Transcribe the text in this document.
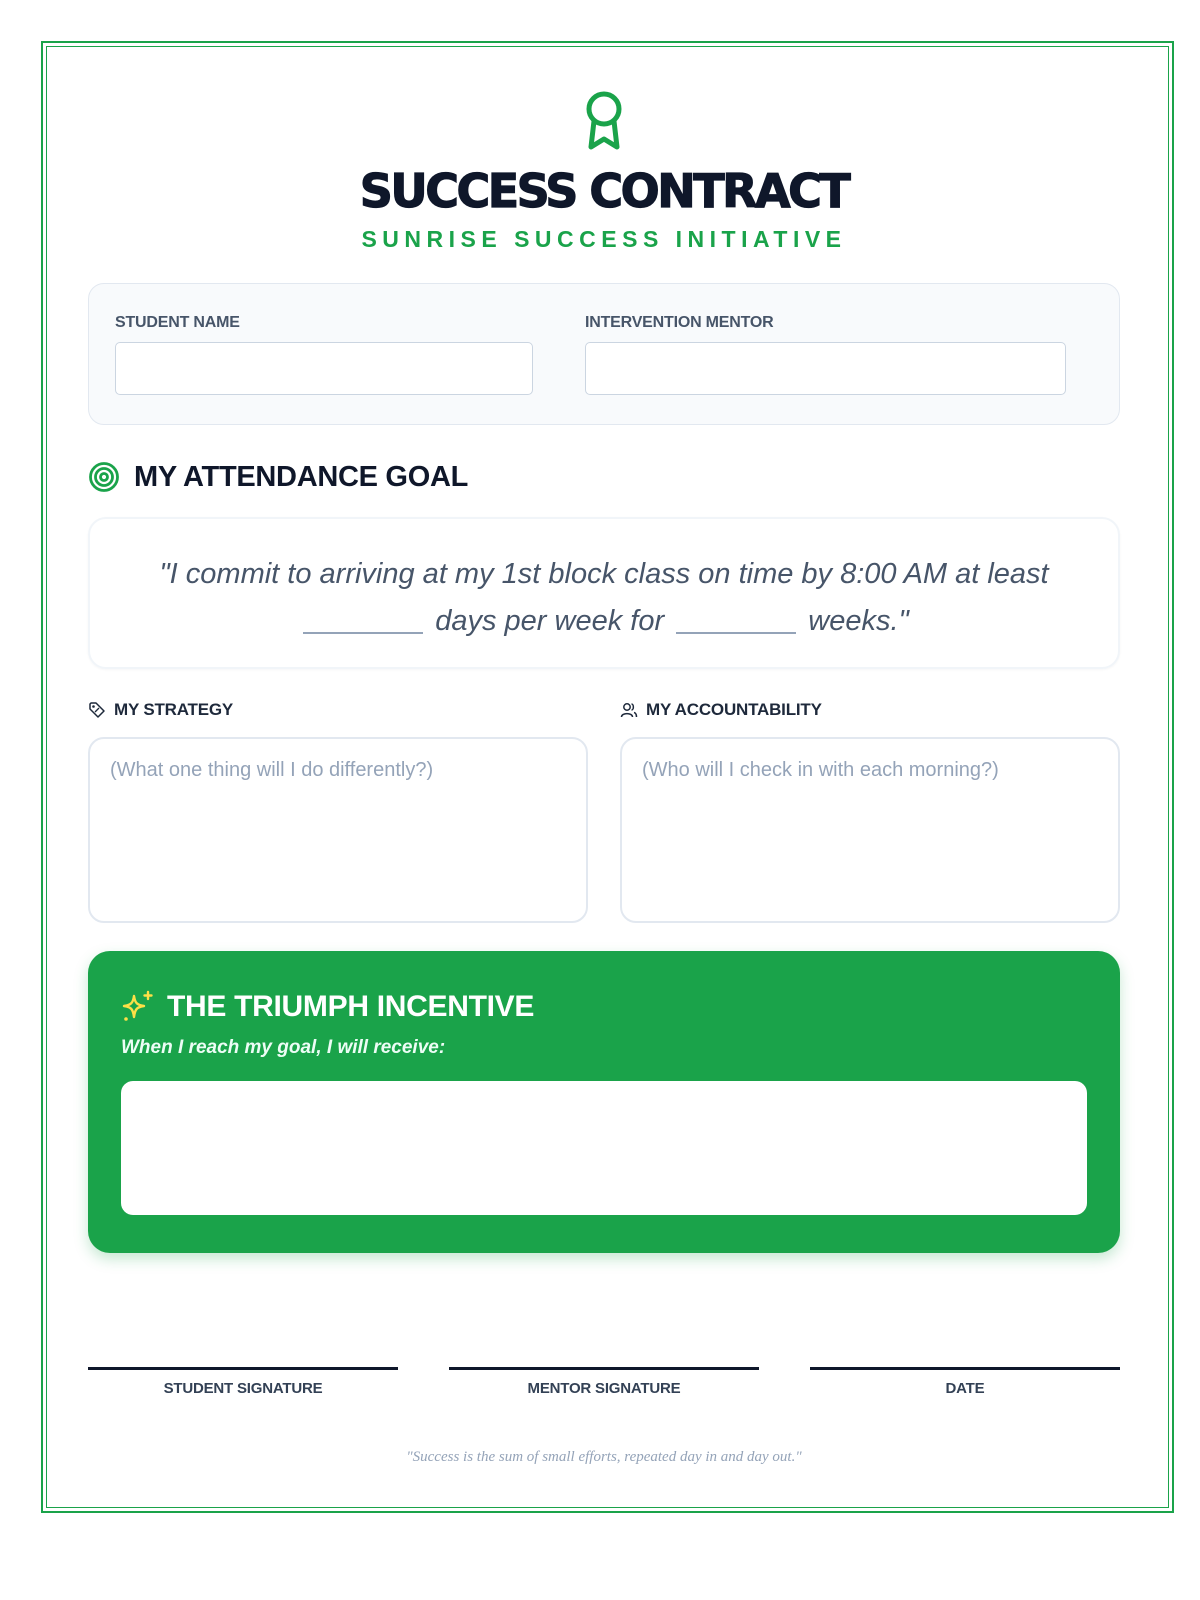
SUCCESS CONTRACT
SUNRISE SUCCESS INITIATIVE
STUDENT NAME	INTERVENTION MENTOR
MY ATTENDANCE GOAL
"I commit to arriving at my 1st block class on time by 8:00 AM at least
days per week for	weeks."
MY STRATEGY
(What one thing will I do differently?)
MY ACCOUNTABILITY
(Who will I check in with each morning?)
THE TRIUMPH INCENTIVE
When I reach my goal, I will receive:
STUDENT SIGNATURE	MENTOR SIGNATURE	DATE
"Success is the sum of small efforts, repeated day in and day out."
